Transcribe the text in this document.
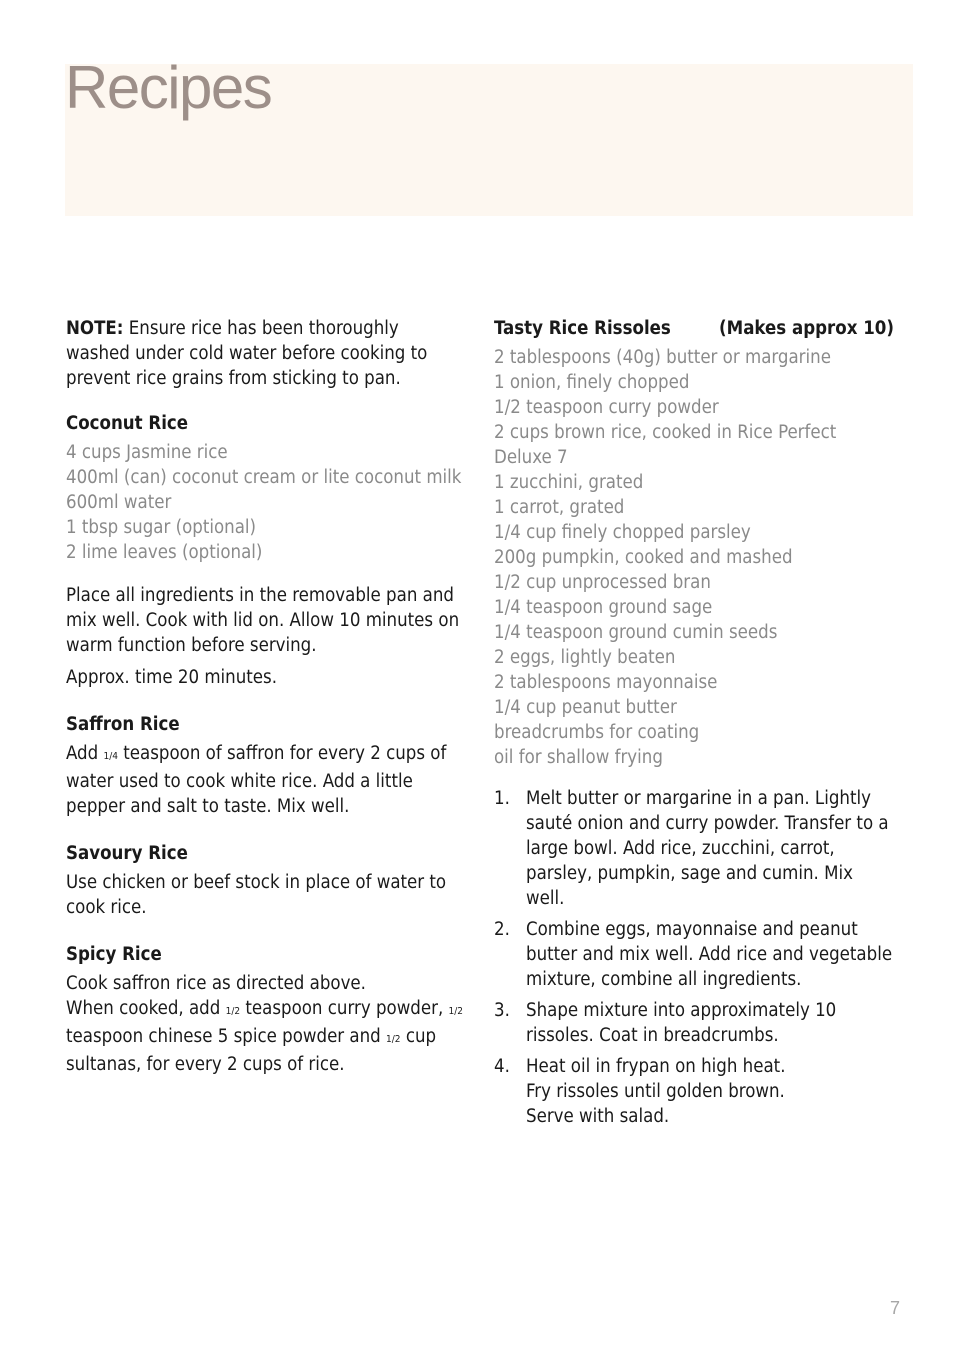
Recipes

NOTE: Ensure rice has been thoroughly washed under cold water before cooking to prevent rice grains from sticking to pan.

Coconut Rice
4 cups Jasmine rice
400ml (can) coconut cream or lite coconut milk
600ml water
1 tbsp sugar (optional)
2 lime leaves (optional)

Place all ingredients in the removable pan and mix well. Cook with lid on. Allow 10 minutes on warm function before serving.

Approx. time 20 minutes.

Saffron Rice

Add 1/4 teaspoon of saffron for every 2 cups of water used to cook white rice. Add a little pepper and salt to taste. Mix well.

Savoury Rice

Use chicken or beef stock in place of water to cook rice.

Spicy Rice

Cook saffron rice as directed above.

When cooked, add 1/2 teaspoon curry powder, 1/2 teaspoon chinese 5 spice powder and 1/2 cup sultanas, for every 2 cups of rice.

Tasty Rice Rissoles	(Makes approx 10)
2 tablespoons (40g) butter or margarine
1 onion, finely chopped
1/2 teaspoon curry powder
2 cups brown rice, cooked in Rice Perfect Deluxe 7
1 zucchini, grated
1 carrot, grated
1/4 cup finely chopped parsley
200g pumpkin, cooked and mashed
1/2 cup unprocessed bran
1/4 teaspoon ground sage
1/4 teaspoon ground cumin seeds
2 eggs, lightly beaten
2 tablespoons mayonnaise
1/4 cup peanut butter
breadcrumbs for coating
oil for shallow frying
1. Melt butter or margarine in a pan. Lightly sauté onion and curry powder. Transfer to a large bowl. Add rice, zucchini, carrot, parsley, pumpkin, sage and cumin. Mix well.
2. Combine eggs, mayonnaise and peanut butter and mix well. Add rice and vegetable mixture, combine all ingredients.
3. Shape mixture into approximately 10 rissoles. Coat in breadcrumbs.
4. Heat oil in frypan on high heat.
Fry rissoles until golden brown.
Serve with salad.
7
